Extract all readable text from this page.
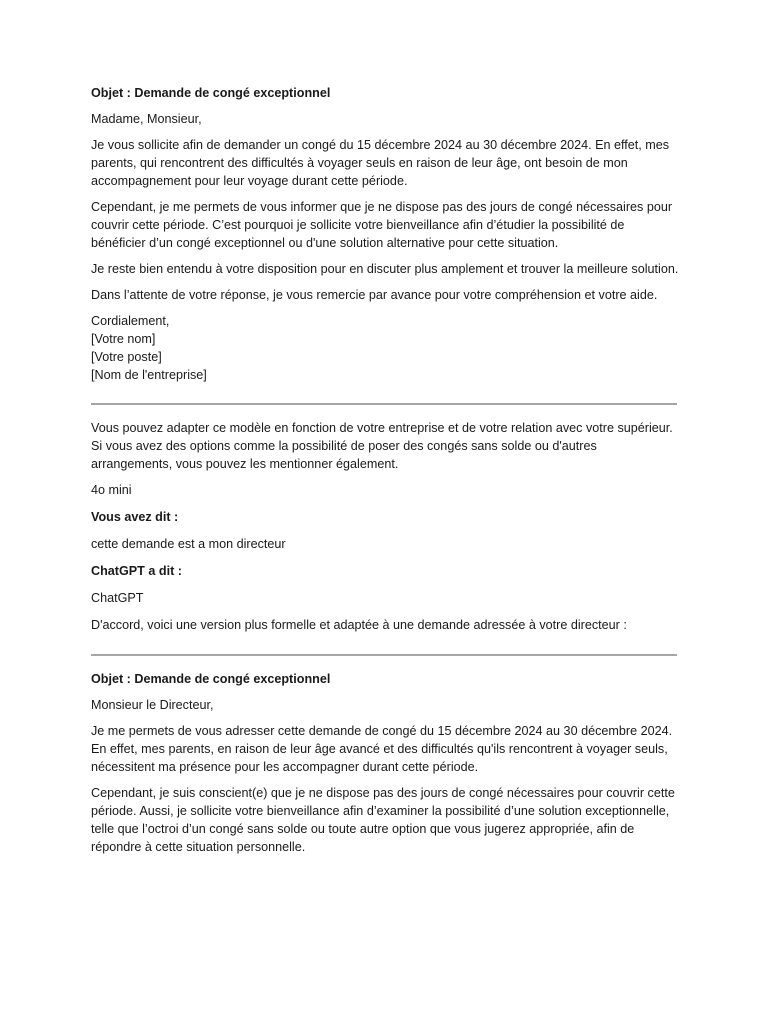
Objet : Demande de congé exceptionnel

Madame, Monsieur,

Je vous sollicite afin de demander un congé du 15 décembre 2024 au 30 décembre 2024. En effet, mes parents, qui rencontrent des difficultés à voyager seuls en raison de leur âge, ont besoin de mon accompagnement pour leur voyage durant cette période.

Cependant, je me permets de vous informer que je ne dispose pas des jours de congé nécessaires pour couvrir cette période. C’est pourquoi je sollicite votre bienveillance afin d’étudier la possibilité de bénéficier d’un congé exceptionnel ou d'une solution alternative pour cette situation.

Je reste bien entendu à votre disposition pour en discuter plus amplement et trouver la meilleure solution.

Dans l’attente de votre réponse, je vous remercie par avance pour votre compréhension et votre aide.

Cordialement,
[Votre nom]
[Votre poste]
[Nom de l'entreprise]

Vous pouvez adapter ce modèle en fonction de votre entreprise et de votre relation avec votre supérieur. Si vous avez des options comme la possibilité de poser des congés sans solde ou d'autres arrangements, vous pouvez les mentionner également.

4o mini

Vous avez dit :

cette demande est a mon directeur

ChatGPT a dit :

ChatGPT

D'accord, voici une version plus formelle et adaptée à une demande adressée à votre directeur :

Objet : Demande de congé exceptionnel

Monsieur le Directeur,

Je me permets de vous adresser cette demande de congé du 15 décembre 2024 au 30 décembre 2024. En effet, mes parents, en raison de leur âge avancé et des difficultés qu'ils rencontrent à voyager seuls, nécessitent ma présence pour les accompagner durant cette période.

Cependant, je suis conscient(e) que je ne dispose pas des jours de congé nécessaires pour couvrir cette période. Aussi, je sollicite votre bienveillance afin d’examiner la possibilité d’une solution exceptionnelle, telle que l’octroi d’un congé sans solde ou toute autre option que vous jugerez appropriée, afin de répondre à cette situation personnelle.
